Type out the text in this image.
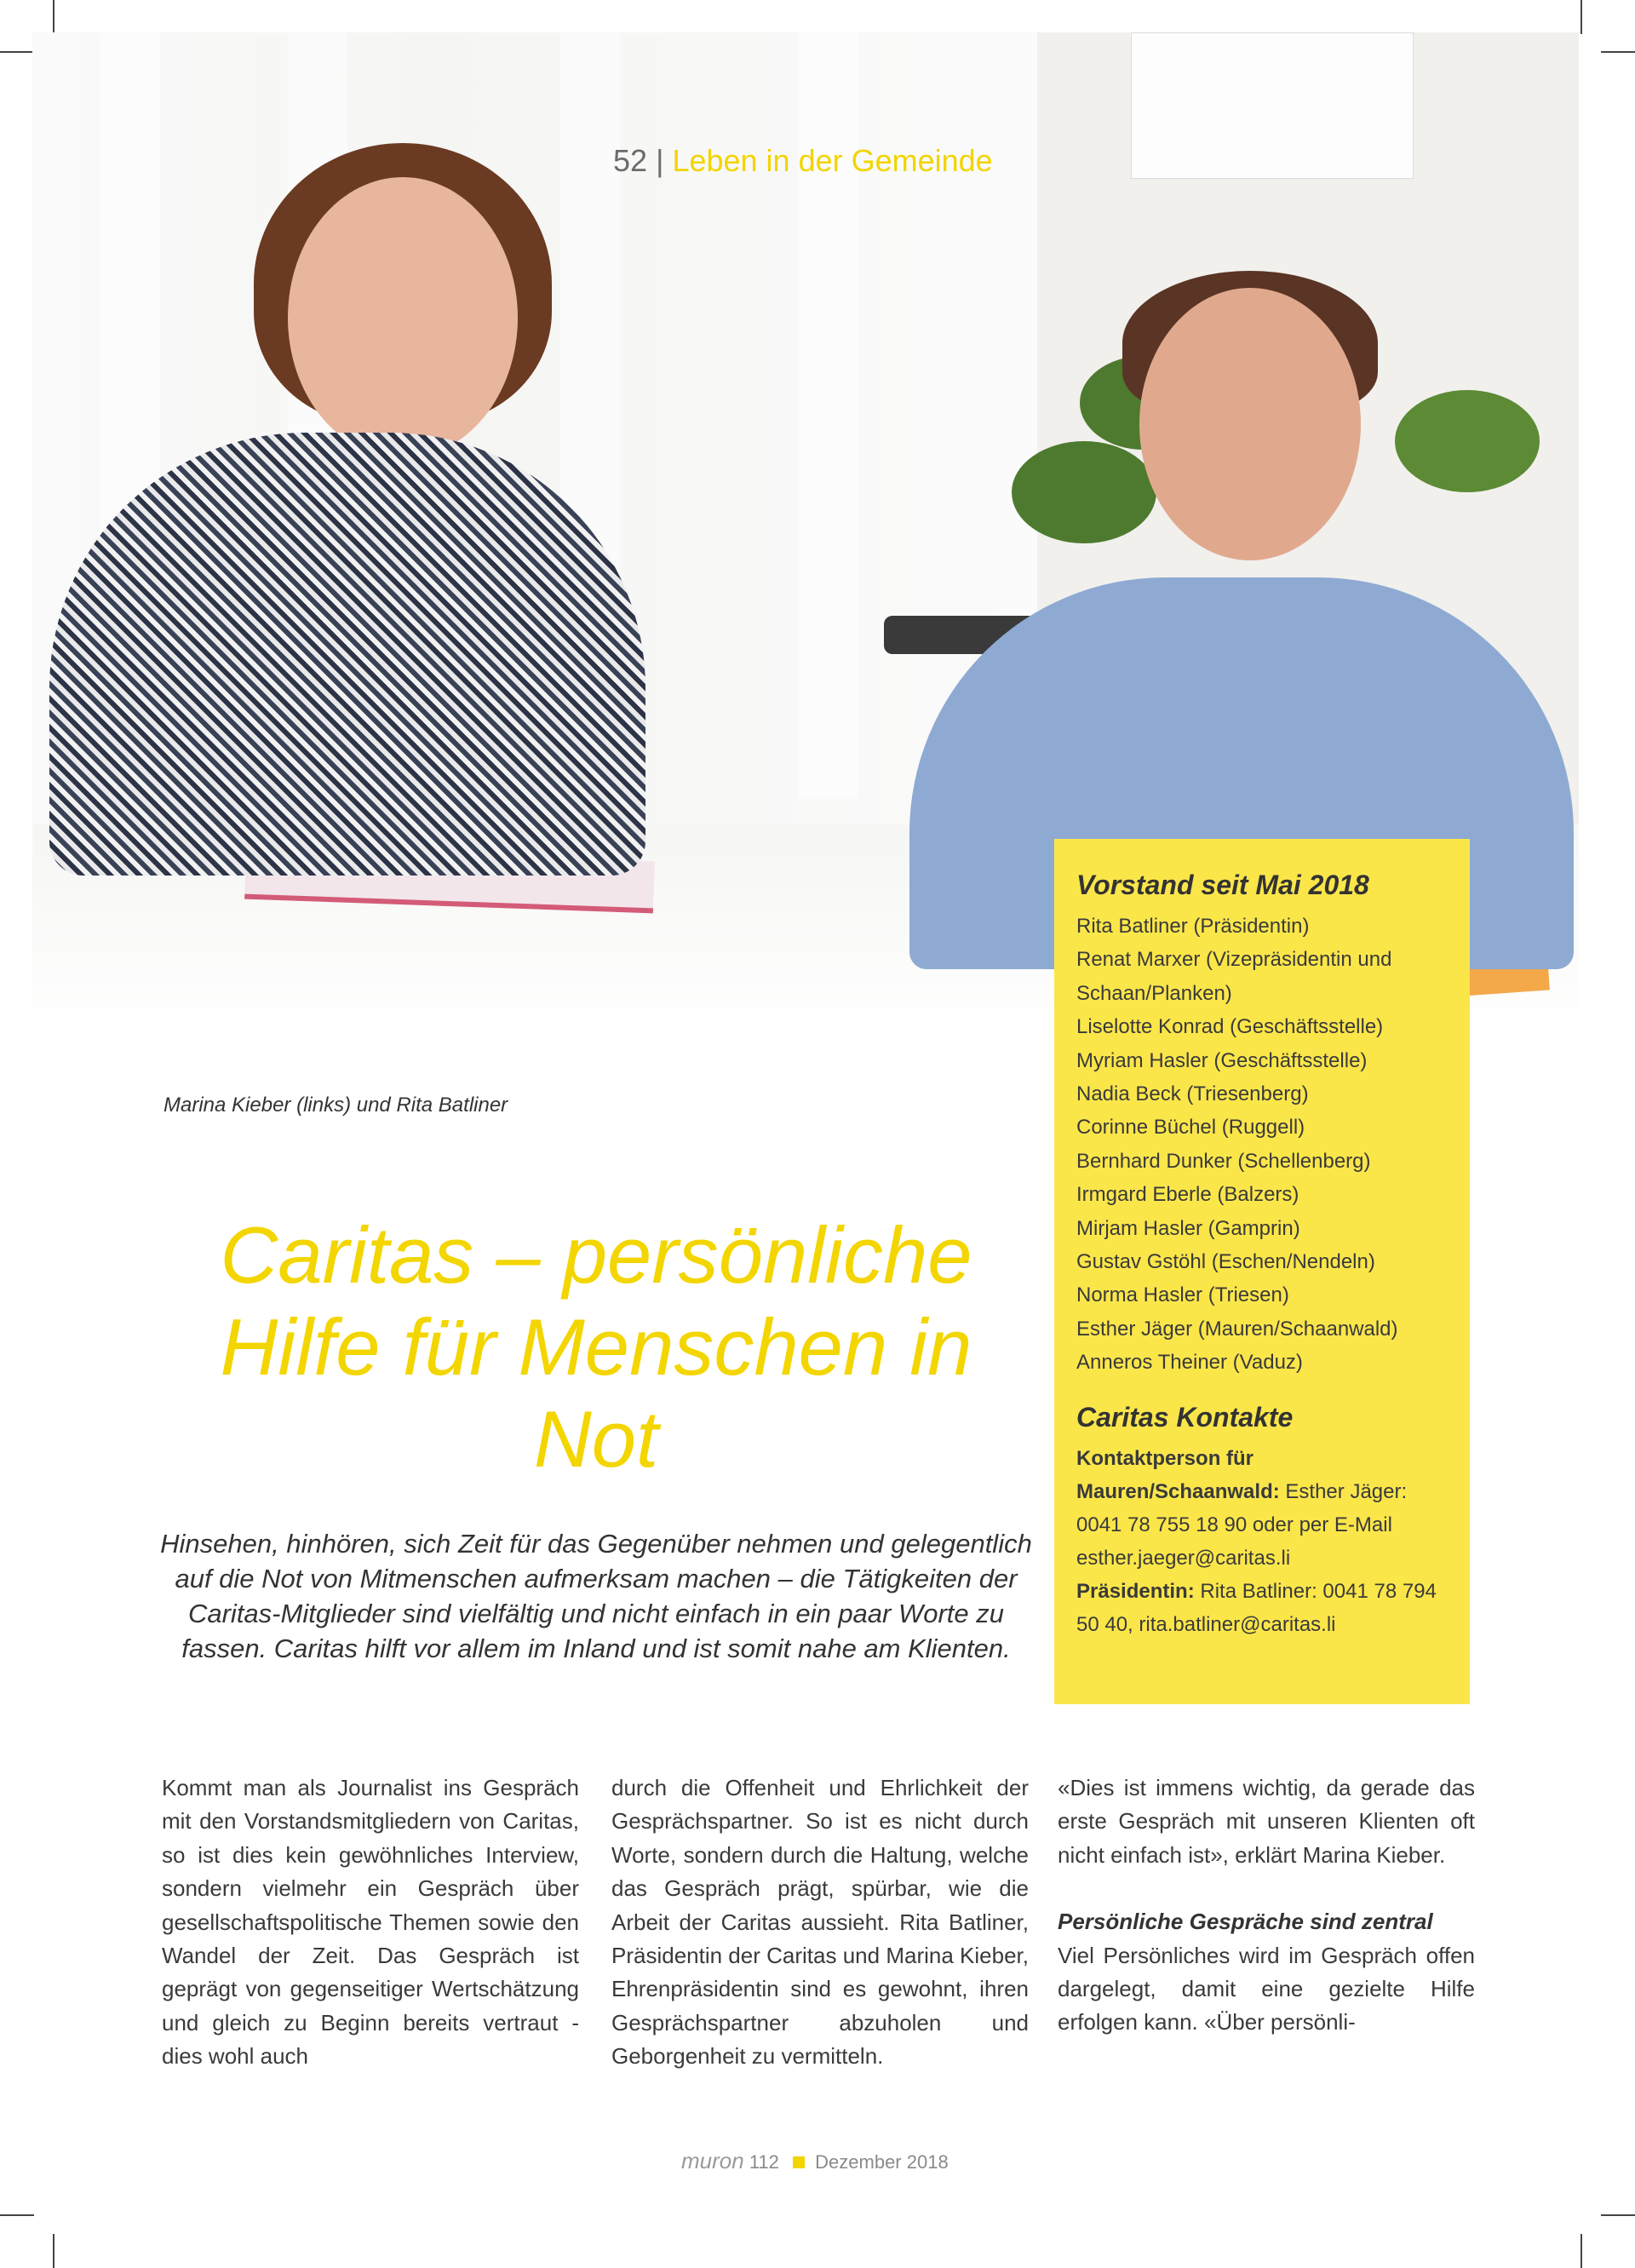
52 | Leben in der Gemeinde
Marina Kieber (links) und Rita Batliner
Caritas – persönliche Hilfe für Menschen in Not
Hinsehen, hinhören, sich Zeit für das Gegenüber nehmen und gelegentlich auf die Not von Mitmenschen aufmerksam machen – die Tätigkeiten der Caritas-Mitglieder sind vielfältig und nicht einfach in ein paar Worte zu fassen. Caritas hilft vor allem im Inland und ist somit nahe am Klienten.
Vorstand seit Mai 2018
Rita Batliner (Präsidentin)
Renat Marxer (Vizepräsidentin und
Schaan/Planken)
Liselotte Konrad (Geschäftsstelle)
Myriam Hasler (Geschäftsstelle)
Nadia Beck (Triesenberg)
Corinne Büchel (Ruggell)
Bernhard Dunker (Schellenberg)
Irmgard Eberle (Balzers)
Mirjam Hasler (Gamprin)
Gustav Gstöhl (Eschen/Nendeln)
Norma Hasler (Triesen)
Esther Jäger (Mauren/Schaanwald)
Anneros Theiner (Vaduz)
Caritas Kontakte

Kontaktperson für Mauren/Schaanwald: Esther Jäger: 0041 78 755 18 90 oder per E-Mail esther.jaeger@caritas.li

Präsidentin: Rita Batliner: 0041 78 794 50 40, rita.batliner@caritas.li

Kommt man als Journalist ins Gespräch mit den Vorstandsmitgliedern von Caritas, so ist dies kein gewöhnliches Interview, sondern vielmehr ein Gespräch über gesellschaftspolitische Themen sowie den Wandel der Zeit. Das Gespräch ist geprägt von gegenseitiger Wertschätzung und gleich zu Beginn bereits vertraut - dies wohl auch

durch die Offenheit und Ehrlichkeit der Gesprächspartner. So ist es nicht durch Worte, sondern durch die Haltung, welche das Gespräch prägt, spürbar, wie die Arbeit der Caritas aussieht. Rita Batliner, Präsidentin der Caritas und Marina Kieber, Ehrenpräsidentin sind es gewohnt, ihren Gesprächspartner abzuholen und Geborgenheit zu vermitteln.

«Dies ist immens wichtig, da gerade das erste Gespräch mit unseren Klienten oft nicht einfach ist», erklärt Marina Kieber.

Persönliche Gespräche sind zentral

Viel Persönliches wird im Gespräch offen dargelegt, damit eine gezielte Hilfe erfolgen kann. «Über persönli-

muron 112 Dezember 2018
